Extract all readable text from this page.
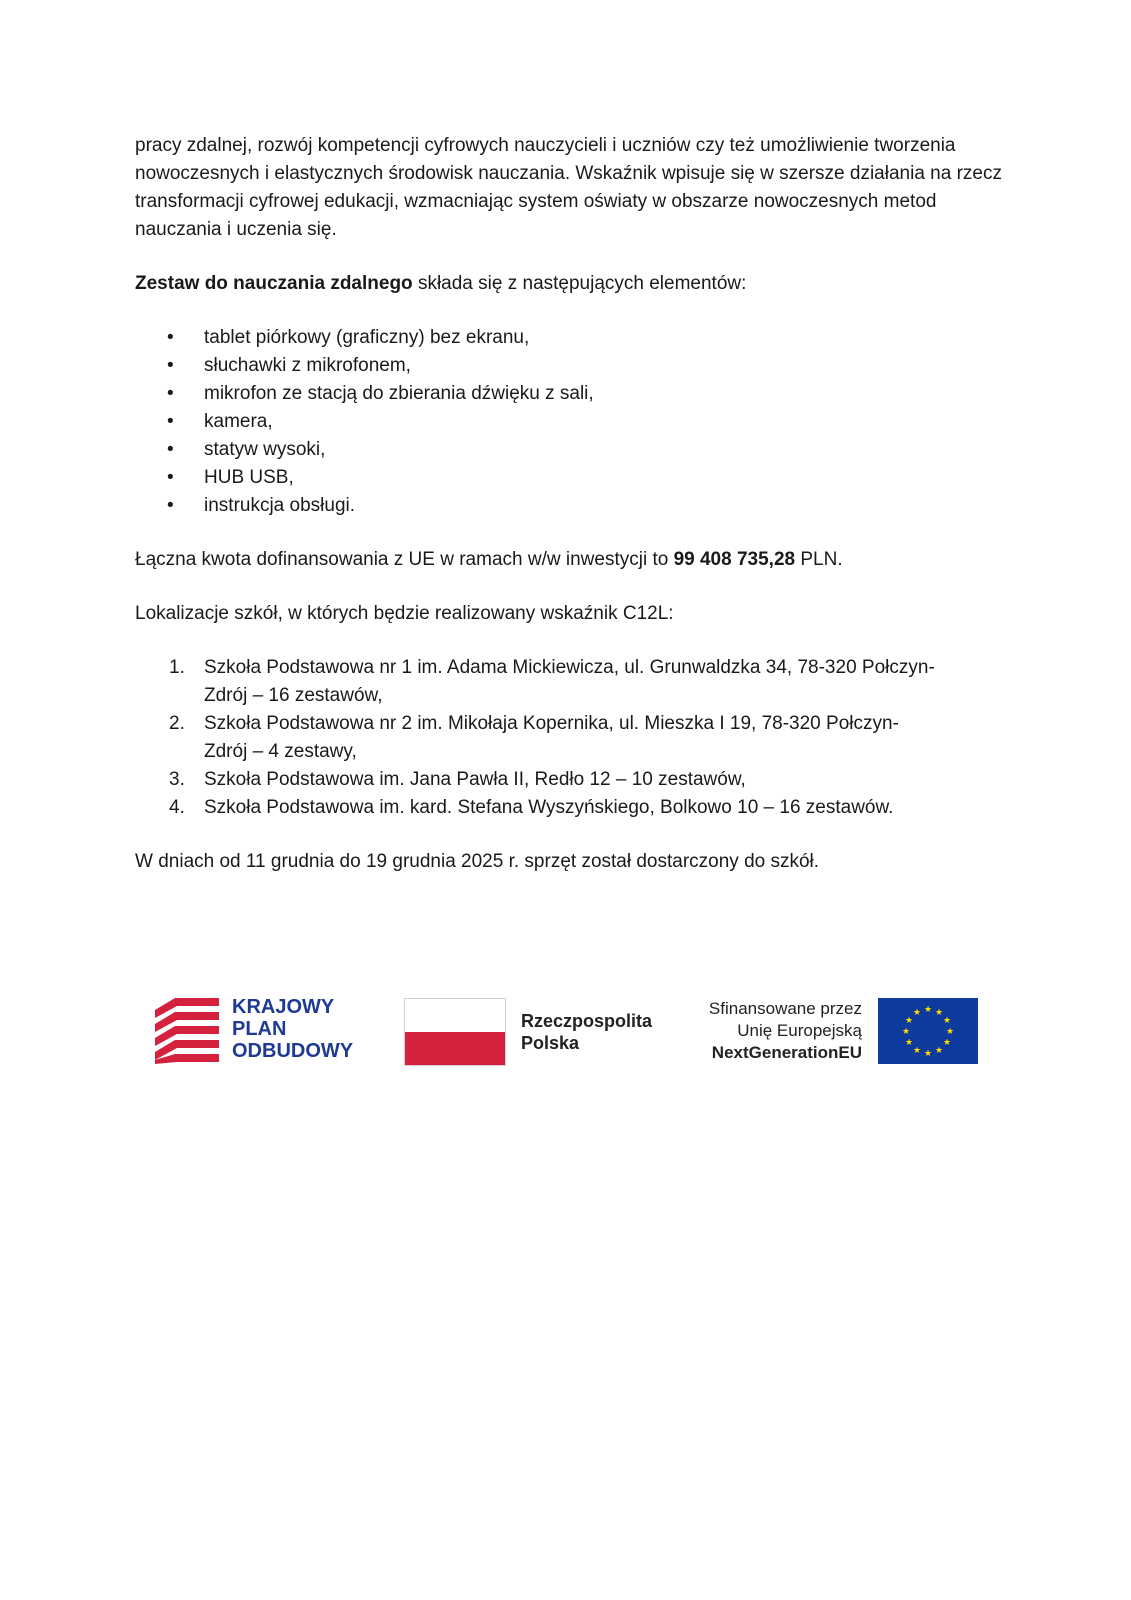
pracy zdalnej, rozwój kompetencji cyfrowych nauczycieli i uczniów czy też umożliwienie tworzenia nowoczesnych i elastycznych środowisk nauczania. Wskaźnik wpisuje się w szersze działania na rzecz transformacji cyfrowej edukacji, wzmacniając system oświaty w obszarze nowoczesnych metod nauczania i uczenia się.

Zestaw do nauczania zdalnego składa się z następujących elementów:

• tablet piórkowy (graficzny) bez ekranu,
• słuchawki z mikrofonem,
• mikrofon ze stacją do zbierania dźwięku z sali,
• kamera,
• statyw wysoki,
• HUB USB,
• instrukcja obsługi.

Łączna kwota dofinansowania z UE w ramach w/w inwestycji to 99 408 735,28 PLN.

Lokalizacje szkół, w których będzie realizowany wskaźnik C12L:

1. Szkoła Podstawowa nr 1 im. Adama Mickiewicza, ul. Grunwaldzka 34, 78-320 Połczyn-
Zdrój – 16 zestawów,
2. Szkoła Podstawowa nr 2 im. Mikołaja Kopernika, ul. Mieszka I 19, 78-320 Połczyn-
Zdrój – 4 zestawy,
3. Szkoła Podstawowa im. Jana Pawła II, Redło 12 – 10 zestawów,
4. Szkoła Podstawowa im. kard. Stefana Wyszyńskiego, Bolkowo 10 – 16 zestawów.

W dniach od 11 grudnia do 19 grudnia 2025 r. sprzęt został dostarczony do szkół.

KRAJOWY
PLAN
ODBUDOWY
Rzeczpospolita
Polska
Sfinansowane przez
Unię Europejską
NextGenerationEU
★ ★
★
★
★
★
★
★
★
★
★
★
